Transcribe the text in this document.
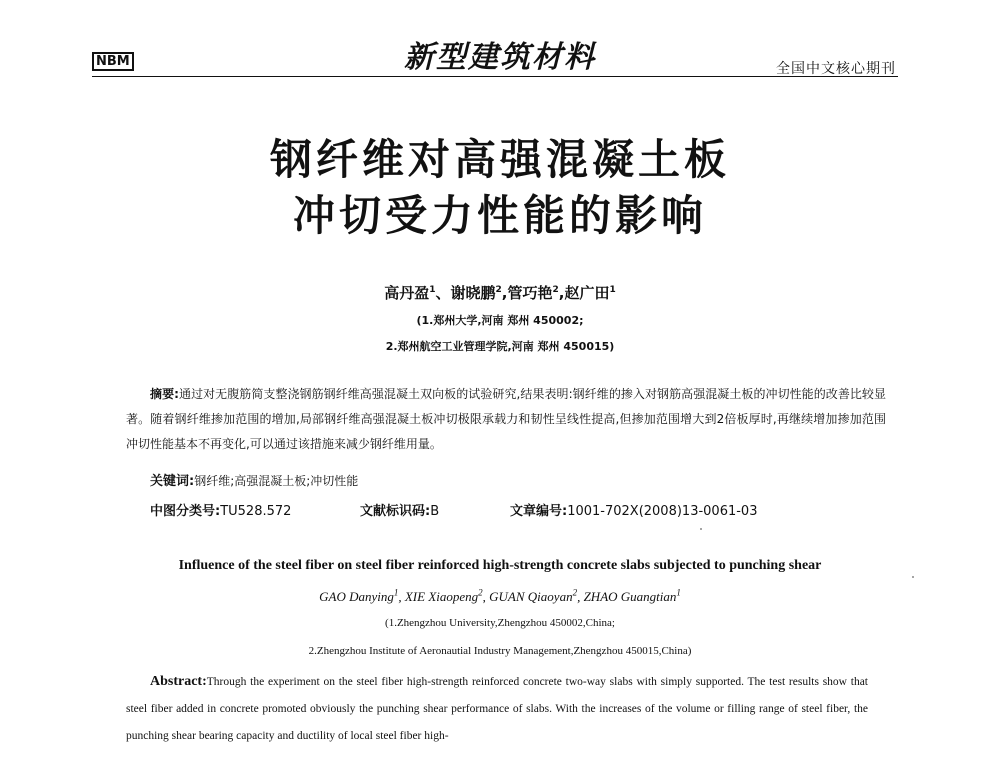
NBM	新型建筑材料	全国中文核心期刊
钢纤维对高强混凝土板
冲切受力性能的影响
高丹盈$^1$、谢晓鹏$^2$,管巧艳$^2$,赵广田$^1$
(1.郑州大学,河南 郑州 450002;
2.郑州航空工业管理学院,河南 郑州 450015)
摘要:通过对无腹筋简支整浇钢筋钢纤维高强混凝土双向板的试验研究,结果表明:钢纤维的掺入对钢筋高强混凝土板的冲切性能的改善比较显著。随着钢纤维掺加范围的增加,局部钢纤维高强混凝土板冲切极限承载力和韧性呈线性提高,但掺加范围增大到2倍板厚时,再继续增加掺加范围冲切性能基本不再变化,可以通过该措施来减少钢纤维用量。
关键词:钢纤维;高强混凝土板;冲切性能
中图分类号:TU528.572	文献标识码:B	文章编号:1001-702X(2008)13-0061-03
Influence of the steel fiber on steel fiber reinforced high-strength concrete slabs subjected to punching shear
GAO Danying$^1$, XIE Xiaopeng$^2$, GUAN Qiaoyan$^2$, ZHAO Guangtian$^1$
(1.Zhengzhou University,Zhengzhou 450002,China;
2.Zhengzhou Institute of Aeronautial Industry Management,Zhengzhou 450015,China)
Abstract:Through the experiment on the steel fiber high-strength reinforced concrete two-way slabs with simply supported. The test results show that steel fiber added in concrete promoted obviously the punching shear performance of slabs. With the increases of the volume or filling range of steel fiber, the punching shear bearing capacity and ductility of local steel fiber high-
